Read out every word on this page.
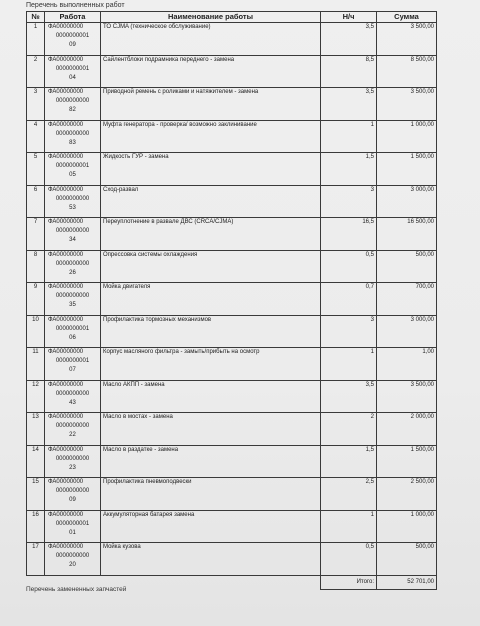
Перечень выполненных работ
№	Работа	Наименование работы	Н/ч	Сумма
1	ФА00000000
0000000001
09	ТО CJMA (техническое обслуживание)	3,5	3 500,00
2	ФА00000000
0000000001
04	Сайлентблоки подрамника переднего - замена	8,5	8 500,00
3	ФА00000000
0000000000
82	Приводной ремень с роликами и натяжителем - замена	3,5	3 500,00
4	ФА00000000
0000000000
83	Муфта генератора - проверка/ возможно заклинивание	1	1 000,00
5	ФА00000000
0000000001
05	Жидкость ГУР - замена	1,5	1 500,00
6	ФА00000000
0000000000
53	Сход-развал	3	3 000,00
7	ФА00000000
0000000000
34	Переуплотнение в развале ДВС (CRCA/CJMA)	16,5	16 500,00
8	ФА00000000
0000000000
26	Опрессовка системы охлаждения	0,5	500,00
9	ФА00000000
0000000000
35	Мойка двигателя	0,7	700,00
10	ФА00000000
0000000001
06	Профилактика тормозных механизмов	3	3 000,00
11	ФА00000000
0000000001
07	Корпус масляного фильтра - замыть/прибыть на осмотр	1	1,00
12	ФА00000000
0000000000
43	Масло АКПП - замена	3,5	3 500,00
13	ФА00000000
0000000000
22	Масло в мостах - замена	2	2 000,00
14	ФА00000000
0000000000
23	Масло в раздатке - замена	1,5	1 500,00
15	ФА00000000
0000000000
09	Профилактика пневмоподвески	2,5	2 500,00
16	ФА00000000
0000000001
01	Аккумуляторная батарея замена	1	1 000,00
17	ФА00000000
0000000000
20	Мойка кузова	0,5	500,00
			Итого:	52 701,00
Перечень замененных запчастей
